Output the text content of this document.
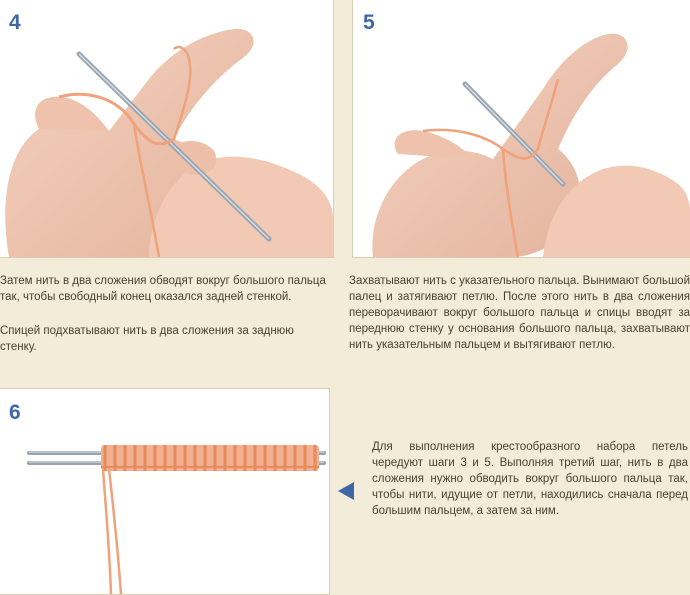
4	5

Затем нить в два сложения обводят вокруг большого пальца так, чтобы свободный конец оказался задней стенкой.

Спицей подхватывают нить в два сложения за заднюю стенку.

Захватывают нить с указательного пальца. Вынимают большой палец и затягивают петлю. После этого нить в два сложения переворачивают вокруг большого пальца и спицы вводят за переднюю стенку у основания большого пальца, захватывают нить указательным пальцем и вытягивают петлю.

6

Для выполнения крестообразного набора петель чередуют шаги 3 и 5. Выполняя третий шаг, нить в два сложения нужно обводить вокруг большого пальца так, чтобы нити, идущие от петли, находились сначала перед большим пальцем, а затем за ним.
